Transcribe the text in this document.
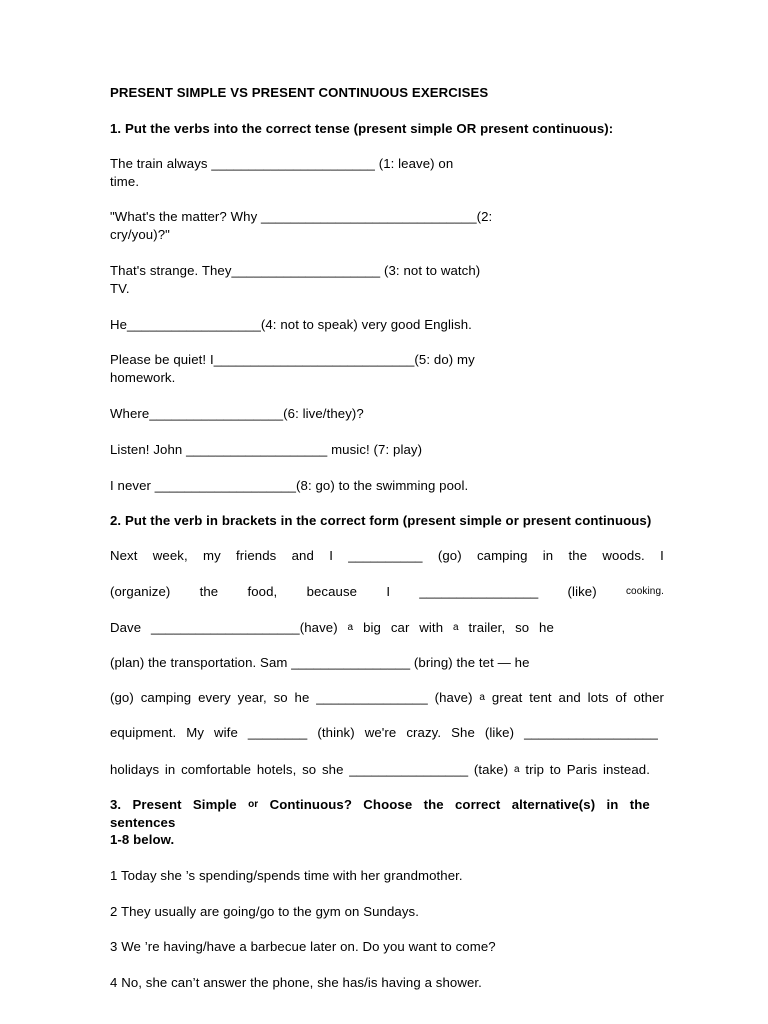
PRESENT SIMPLE VS PRESENT CONTINUOUS EXERCISES
1. Put the verbs into the correct tense (present simple OR present continuous):
The train always ______________________ (1: leave) on
time.
"What's the matter? Why _____________________________(2:
cry/you)?"
That's strange. They____________________ (3: not to watch)
TV.
He__________________(4: not to speak) very good English.
Please be quiet! I___________________________(5: do) my
homework.
Where__________________(6: live/they)?
Listen! John ___________________ music! (7: play)
I never ___________________(8: go) to the swimming pool.
2. Put the verb in brackets in the correct form (present simple or present continuous)
Next week, my friends and I __________ (go) camping in the woods. I
(organize) the food, because I ________________ (like)	cooking.
Dave ____________________(have) a big car with a trailer, so he
(plan) the transportation. Sam ________________ (bring) the tet — he
(go) camping every year, so he _______________ (have) a great tent and lots of other
equipment. My wife ________ (think) we're crazy. She (like) __________________
holidays in comfortable hotels, so she ________________ (take) a trip to Paris instead.
3. Present Simple or Continuous? Choose the correct alternative(s) in the
sentences
1-8 below.
1 Today she ’s spending/spends time with her grandmother.
2 They usually are going/go to the gym on Sundays.
3 We ’re having/have a barbecue later on. Do you want to come?
4 No, she can’t answer the phone, she has/is having a shower.
